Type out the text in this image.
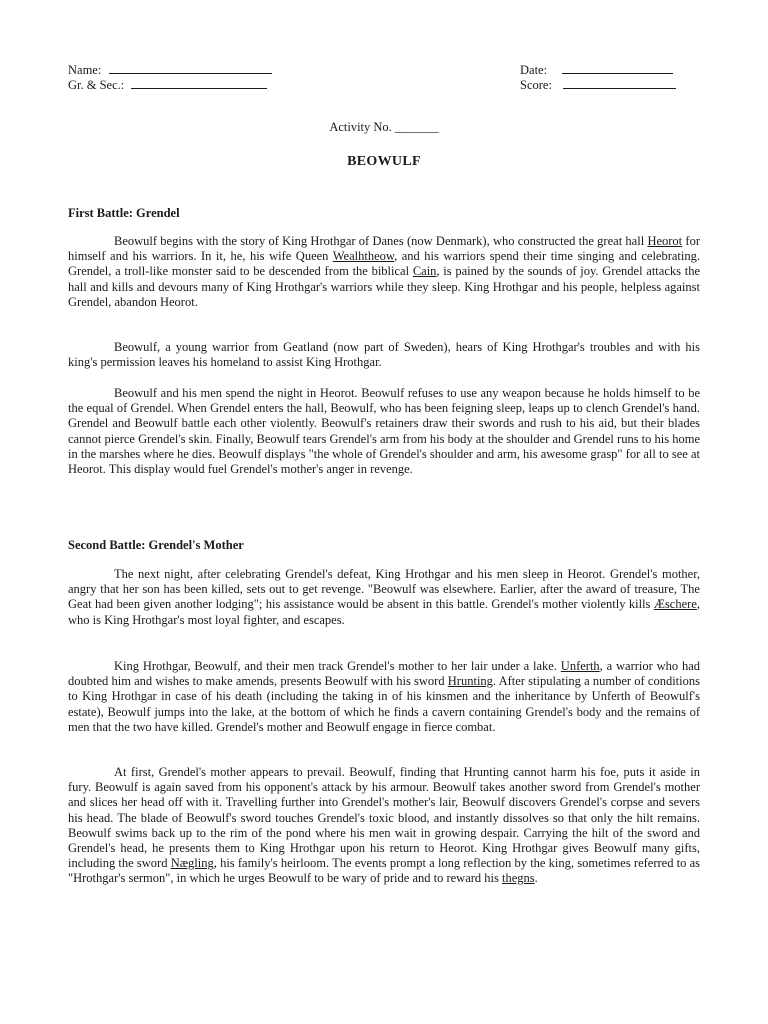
Name:
Gr. & Sec.:
Date:
Score:
Activity No. _______
BEOWULF
First Battle: Grendel

Beowulf begins with the story of King Hrothgar of Danes (now Denmark), who constructed the great hall Heorot for himself and his warriors. In it, he, his wife Queen Wealhtheow, and his warriors spend their time singing and celebrating. Grendel, a troll-like monster said to be descended from the biblical Cain, is pained by the sounds of joy. Grendel attacks the hall and kills and devours many of King Hrothgar's warriors while they sleep. King Hrothgar and his people, helpless against Grendel, abandon Heorot.

Beowulf, a young warrior from Geatland (now part of Sweden), hears of King Hrothgar's troubles and with his king's permission leaves his homeland to assist King Hrothgar.

Beowulf and his men spend the night in Heorot. Beowulf refuses to use any weapon because he holds himself to be the equal of Grendel. When Grendel enters the hall, Beowulf, who has been feigning sleep, leaps up to clench Grendel's hand. Grendel and Beowulf battle each other violently. Beowulf's retainers draw their swords and rush to his aid, but their blades cannot pierce Grendel's skin. Finally, Beowulf tears Grendel's arm from his body at the shoulder and Grendel runs to his home in the marshes where he dies. Beowulf displays "the whole of Grendel's shoulder and arm, his awesome grasp" for all to see at Heorot. This display would fuel Grendel's mother's anger in revenge.

Second Battle: Grendel's Mother

The next night, after celebrating Grendel's defeat, King Hrothgar and his men sleep in Heorot. Grendel's mother, angry that her son has been killed, sets out to get revenge. "Beowulf was elsewhere. Earlier, after the award of treasure, The Geat had been given another lodging"; his assistance would be absent in this battle. Grendel's mother violently kills Æschere, who is King Hrothgar's most loyal fighter, and escapes.

King Hrothgar, Beowulf, and their men track Grendel's mother to her lair under a lake. Unferth, a warrior who had doubted him and wishes to make amends, presents Beowulf with his sword Hrunting. After stipulating a number of conditions to King Hrothgar in case of his death (including the taking in of his kinsmen and the inheritance by Unferth of Beowulf's estate), Beowulf jumps into the lake, at the bottom of which he finds a cavern containing Grendel's body and the remains of men that the two have killed. Grendel's mother and Beowulf engage in fierce combat.

At first, Grendel's mother appears to prevail. Beowulf, finding that Hrunting cannot harm his foe, puts it aside in fury. Beowulf is again saved from his opponent's attack by his armour. Beowulf takes another sword from Grendel's mother and slices her head off with it. Travelling further into Grendel's mother's lair, Beowulf discovers Grendel's corpse and severs his head. The blade of Beowulf's sword touches Grendel's toxic blood, and instantly dissolves so that only the hilt remains. Beowulf swims back up to the rim of the pond where his men wait in growing despair. Carrying the hilt of the sword and Grendel's head, he presents them to King Hrothgar upon his return to Heorot. King Hrothgar gives Beowulf many gifts, including the sword Nægling, his family's heirloom. The events prompt a long reflection by the king, sometimes referred to as "Hrothgar's sermon", in which he urges Beowulf to be wary of pride and to reward his thegns.
